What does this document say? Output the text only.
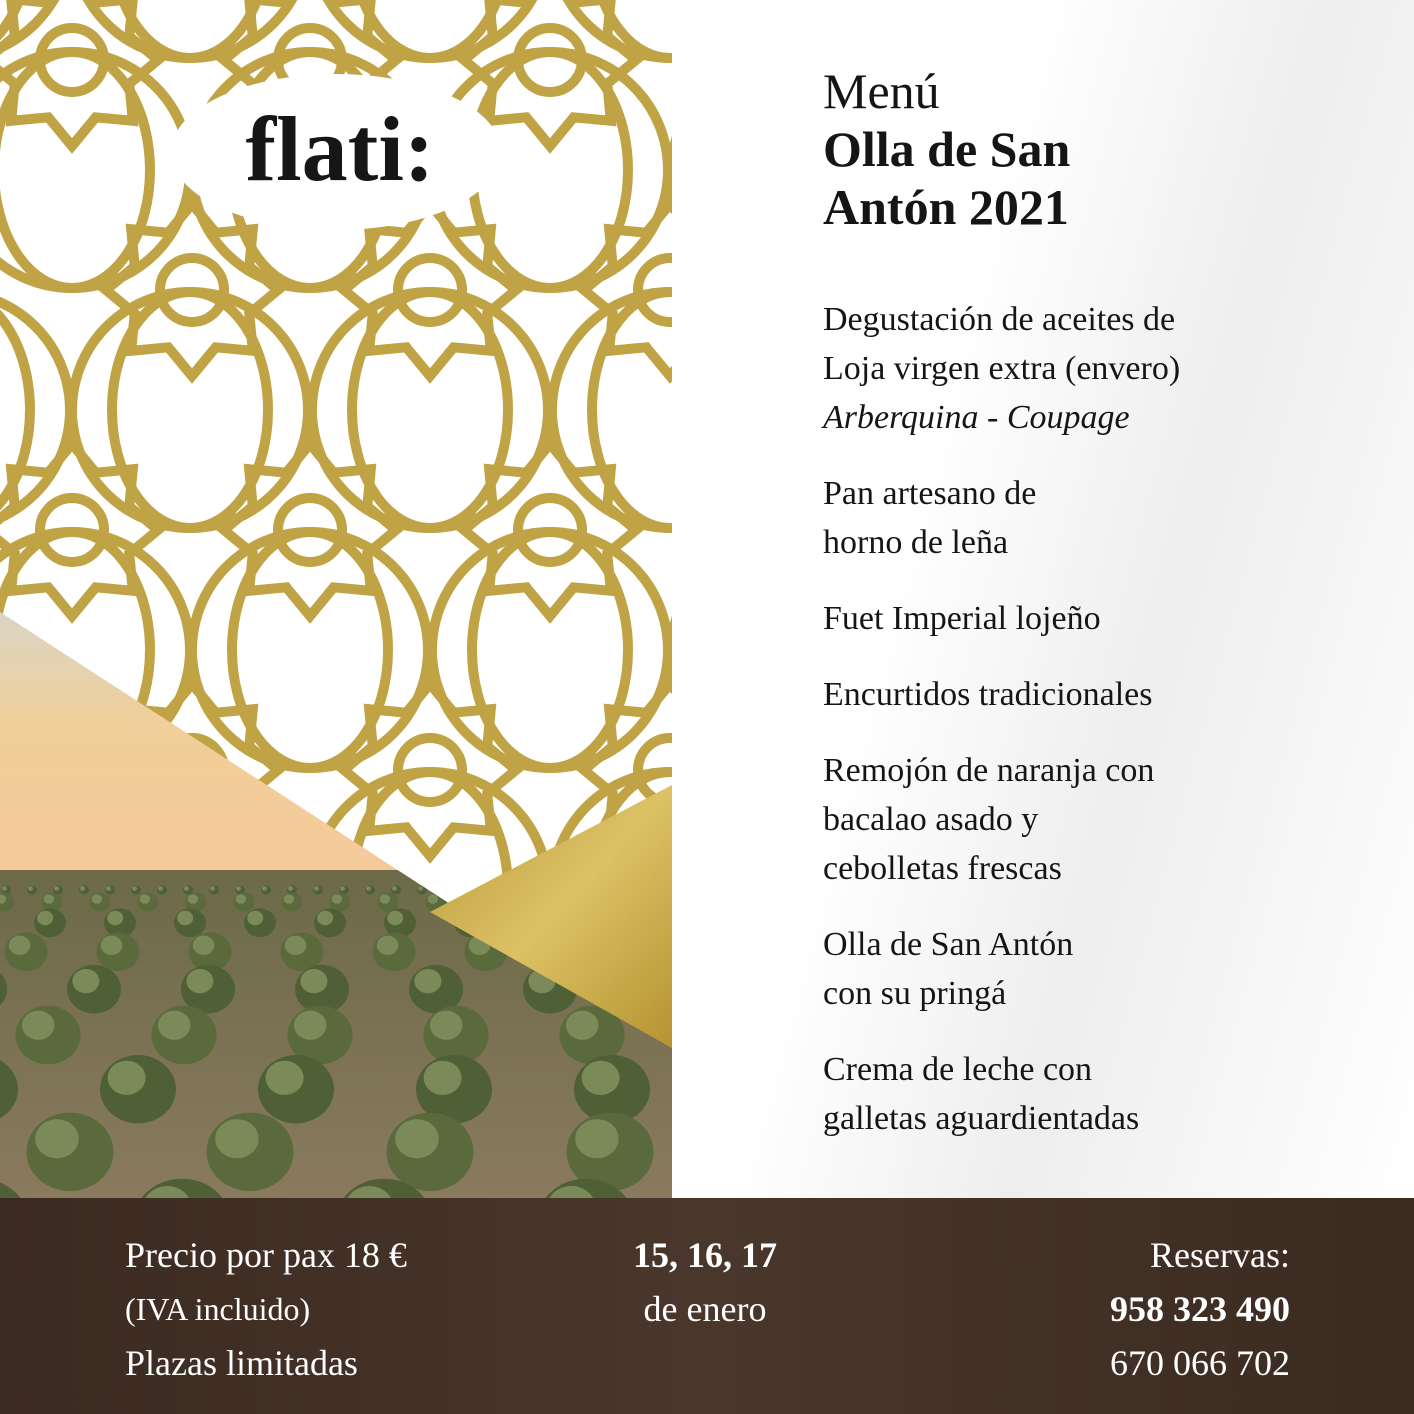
flati:
Menú
Olla de San
Antón 2021
Degustación de aceites de
Loja virgen extra (envero)
Arberquina - Coupage
Pan artesano de
horno de leña
Fuet Imperial lojeño
Encurtidos tradicionales
Remojón de naranja con
bacalao asado y
cebolletas frescas
Olla de San Antón
con su pringá
Crema de leche con
galletas aguardientadas
Precio por pax 18 €
(IVA incluido)
Plazas limitadas
15, 16, 17
de enero
Reservas:
958 323 490
670 066 702
